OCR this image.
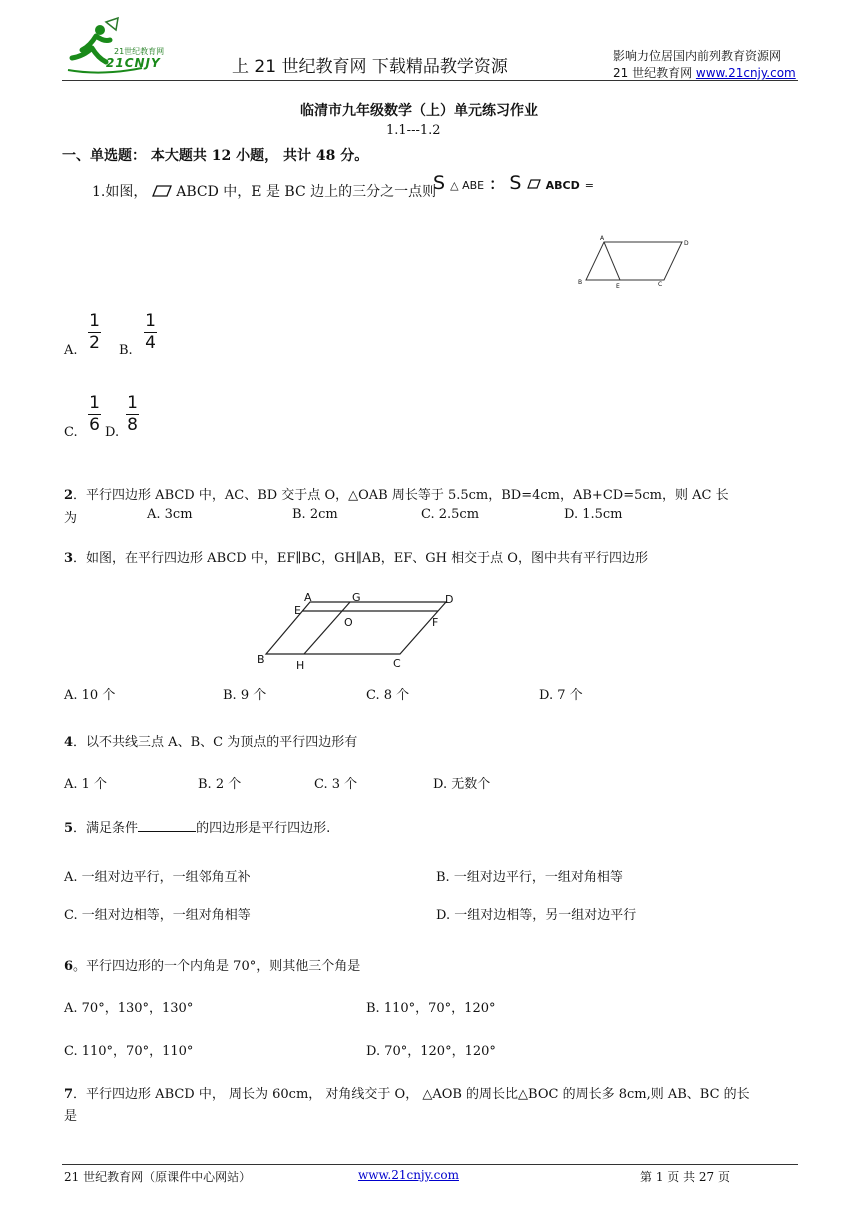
21世纪教育网
21CNJY	上 21 世纪教育网 下载精品教学资源
影响力位居国内前列教育资源网
21 世纪教育网 www.21cnjy.com
临清市九年级数学（上）单元练习作业
1.1---1.2
一、单选题： 本大题共 12 小题， 共计 48 分。
1.如图， ABCD 中，E 是 BC 边上的三分之一点则
S △ ABE ： S ABCD =
A
D
B
E	C
A.
1
2 B.
1
4
C.
1
6 D.
1
8
2．平行四边形 ABCD 中，AC、BD 交于点 O，△OAB 周长等于 5.5cm，BD=4cm，AB+CD=5cm，则 AC 长
为	A. 3cm	B. 2cm	C. 2.5cm	D. 1.5cm
3．如图，在平行四边形 ABCD 中，EF∥BC，GH∥AB，EF、GH 相交于点 O，图中共有平行四边形
A	G	D
E
O	F
B	H	C
A. 10 个	B. 9 个	C. 8 个	D. 7 个
4．以不共线三点 A、B、C 为顶点的平行四边形有
A. 1 个	B. 2 个	C. 3 个	D. 无数个
5．满足条件	的四边形是平行四边形.
A. 一组对边平行，一组邻角互补	B. 一组对边平行，一组对角相等
C. 一组对边相等，一组对角相等	D. 一组对边相等，另一组对边平行
6。平行四边形的一个内角是 70°，则其他三个角是
A. 70°，130°，130°	B. 110°，70°，120°
C. 110°，70°，110°	D. 70°，120°，120°
7．平行四边形 ABCD 中， 周长为 60cm， 对角线交于 O， △AOB 的周长比△BOC 的周长多 8cm,则 AB、BC 的长
是
21 世纪教育网（原课件中心网站）	www.21cnjy.com	第 1 页 共 27 页
